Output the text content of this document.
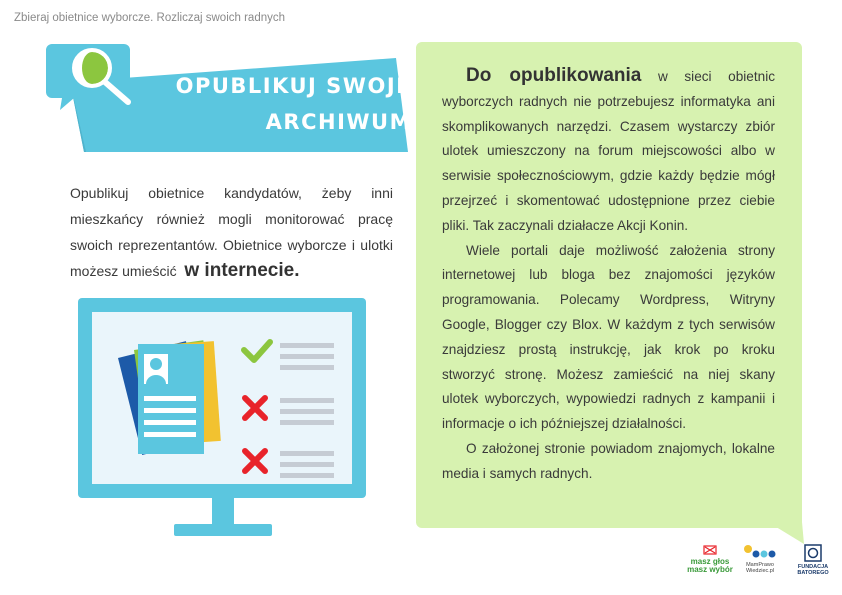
Zbieraj obietnice wyborcze. Rozliczaj swoich radnych
OPUBLIKUJ SWOJE
ARCHIWUM
Opublikuj obietnice kandydatów, żeby inni mieszkańcy również mogli monitorować pracę swoich reprezentantów. Obietnice wyborcze i ulotki możesz umieścić w internecie.

Do opublikowania w sieci obietnic wyborczych radnych nie potrzebujesz informatyka ani skomplikowanych narzędzi. Czasem wystarczy zbiór ulotek umieszczony na forum miejscowości albo w serwisie społecznościowym, gdzie każdy będzie mógł przejrzeć i skomentować udostępnione przez ciebie pliki. Tak zaczynali działacze Akcji Konin.

Wiele portali daje możliwość założenia strony internetowej lub bloga bez znajomości języków programowania. Polecamy Wordpress, Witryny Google, Blogger czy Blox. W każdym z tych serwisów znajdziesz prostą instrukcję, jak krok po kroku stworzyć stronę. Możesz zamieścić na niej skany ulotek wyborczych, wypowiedzi radnych z kampanii i informacje o ich późniejszej działalności.

O założonej stronie powiadom znajomych, lokalne media i samych radnych.

masz głos masz wybór	MamPrawo Wiedziec.pl
FUNDACJA BATOREGO
